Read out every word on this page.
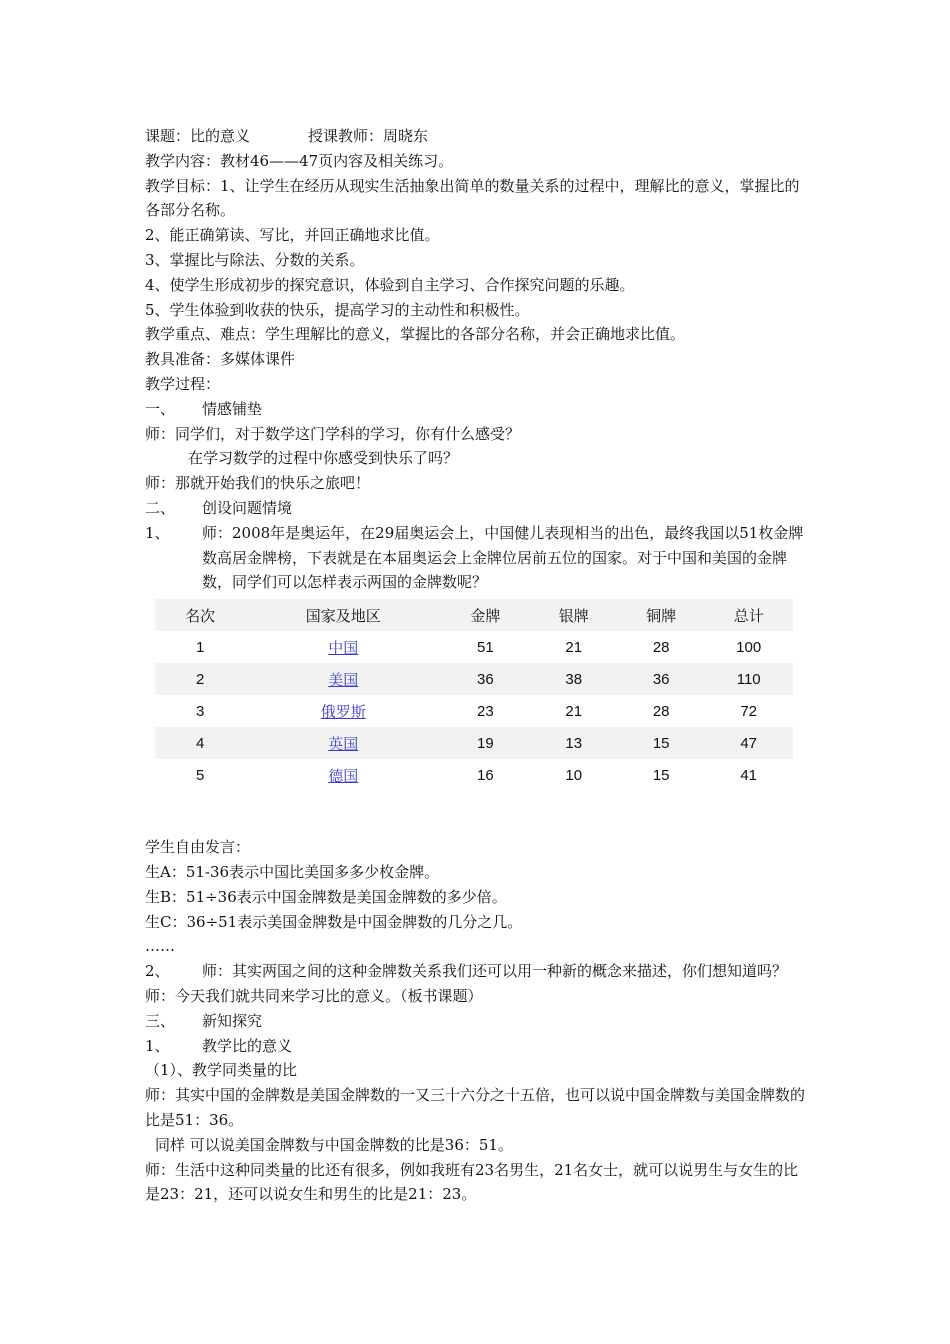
课题：比的意义	授课教师：周晓东
教学内容：教材46——47页内容及相关练习。
教学目标：1、让学生在经历从现实生活抽象出简单的数量关系的过程中，理解比的意义，掌握比的各部分名称。
2、能正确第读、写比，并回正确地求比值。
3、掌握比与除法、分数的关系。
4、使学生形成初步的探究意识，体验到自主学习、合作探究问题的乐趣。
5、学生体验到收获的快乐，提高学习的主动性和积极性。
教学重点、难点：学生理解比的意义，掌握比的各部分名称，并会正确地求比值。
教具准备：多媒体课件
教学过程：
一、	情感铺垫
师：同学们，对于数学这门学科的学习，你有什么感受？
在学习数学的过程中你感受到快乐了吗？
师：那就开始我们的快乐之旅吧！
二、	创设问题情境
1、	师：2008年是奥运年，在29届奥运会上，中国健儿表现相当的出色，最终我国以51枚金牌数高居金牌榜，下表就是在本届奥运会上金牌位居前五位的国家。对于中国和美国的金牌数，同学们可以怎样表示两国的金牌数呢？
名次	国家及地区	金牌	银牌	铜牌	总计
1	中国	51	21	28	100
2	美国	36	38	36	110
3	俄罗斯	23	21	28	72
4	英国	19	13	15	47
5	德国	16	10	15	41
学生自由发言：
生A：51-36表示中国比美国多多少枚金牌。
生B：51÷36表示中国金牌数是美国金牌数的多少倍。
生C：36÷51表示美国金牌数是中国金牌数的几分之几。
……
2、	师：其实两国之间的这种金牌数关系我们还可以用一种新的概念来描述，你们想知道吗？
师：今天我们就共同来学习比的意义。（板书课题）
三、	新知探究
1、	教学比的意义
（1）、教学同类量的比
师：其实中国的金牌数是美国金牌数的一又三十六分之十五倍，也可以说中国金牌数与美国金牌数的比是51：36。
同样 可以说美国金牌数与中国金牌数的比是36：51。
师：生活中这种同类量的比还有很多，例如我班有23名男生，21名女士，就可以说男生与女生的比是23：21，还可以说女生和男生的比是21：23。
